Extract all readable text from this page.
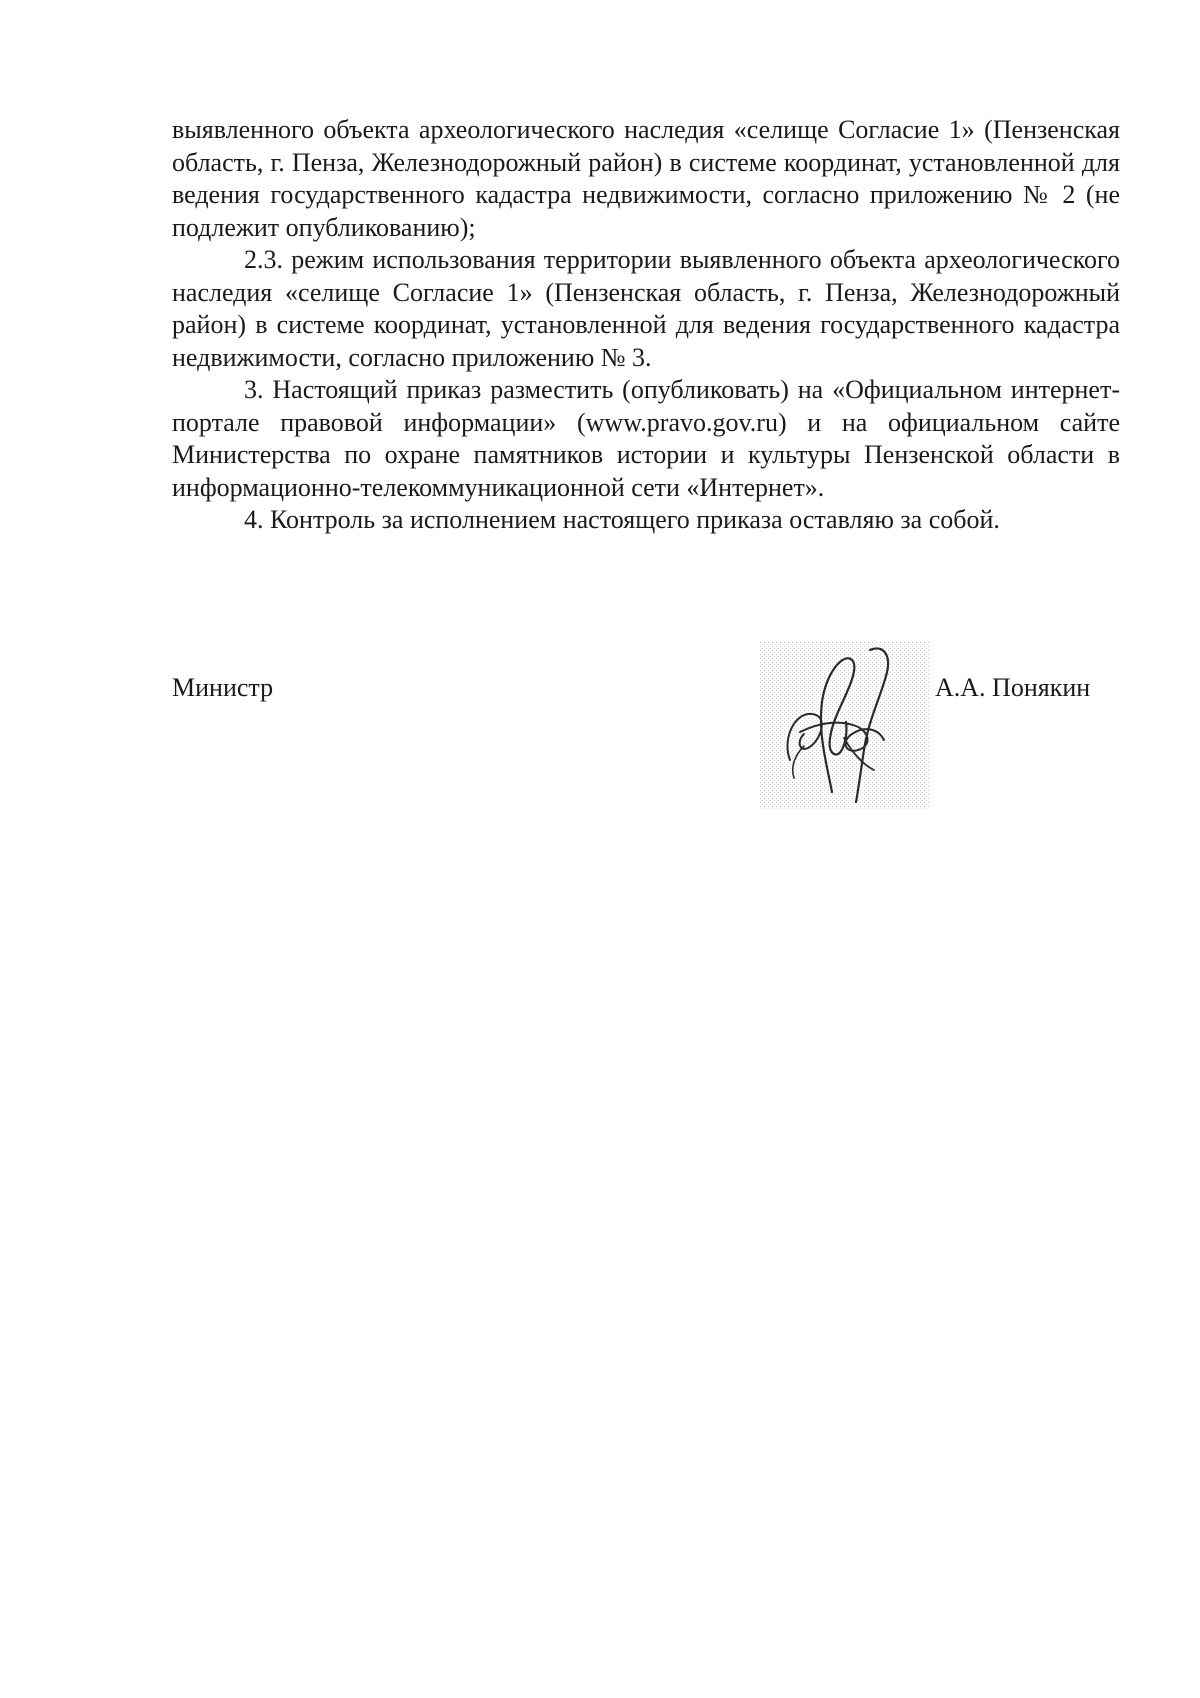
выявленного объекта археологического наследия «селище Согласие 1» (Пензенская область, г. Пенза, Железнодорожный район) в системе координат, установленной для ведения государственного кадастра недвижимости, согласно приложению № 2 (не подлежит опубликованию);

2.3. режим использования территории выявленного объекта археологического наследия «селище Согласие 1» (Пензенская область, г. Пенза, Железнодорожный район) в системе координат, установленной для ведения государственного кадастра недвижимости, согласно приложению № 3.

3. Настоящий приказ разместить (опубликовать) на «Официальном интернет-портале правовой информации» (www.pravo.gov.ru) и на официальном сайте Министерства по охране памятников истории и культуры Пензенской области в информационно-телекоммуникационной сети «Интернет».

4. Контроль за исполнением настоящего приказа оставляю за собой.

Министр	А.А. Понякин
